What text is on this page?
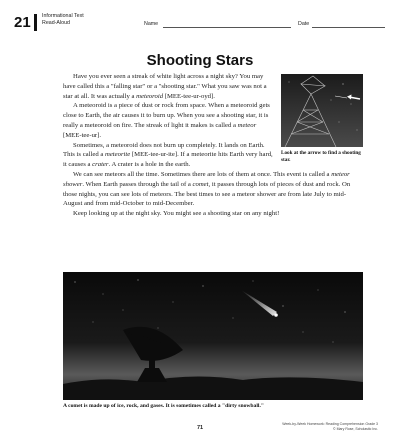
21 Informational Text
Read-Aloud	Name	Date
Shooting Stars
Look at the arrow to find a shooting star.

Have you ever seen a streak of white light across a night sky? You may have called this a "falling star" or a "shooting star." What you saw was not a star at all. It was actually a meteoroid [MEE-tee-ur-oyd].

A meteoroid is a piece of dust or rock from space. When a meteoroid gets close to Earth, the air causes it to burn up. When you see a shooting star, it is really a meteoroid on fire. The streak of light it makes is called a meteor [MEE-tee-ur].

Sometimes, a meteoroid does not burn up completely. It lands on Earth. This is called a meteorite [MEE-tee-ur-ite]. If a meteorite hits Earth very hard, it causes a crater. A crater is a hole in the earth.

We can see meteors all the time. Sometimes there are lots of them at once. This event is called a meteor shower. When Earth passes through the tail of a comet, it passes through lots of pieces of dust and rock. On those nights, you can see lots of meteors. The best times to see a meteor shower are from late July to mid-August and from mid-October to mid-December.

Keep looking up at the night sky. You might see a shooting star on any night!

A comet is made up of ice, rock, and gases. It is sometimes called a "dirty snowball."
71
Week-by-Week Homework: Reading Comprehension Grade 3
© Mary Rose, Scholastic Inc.
